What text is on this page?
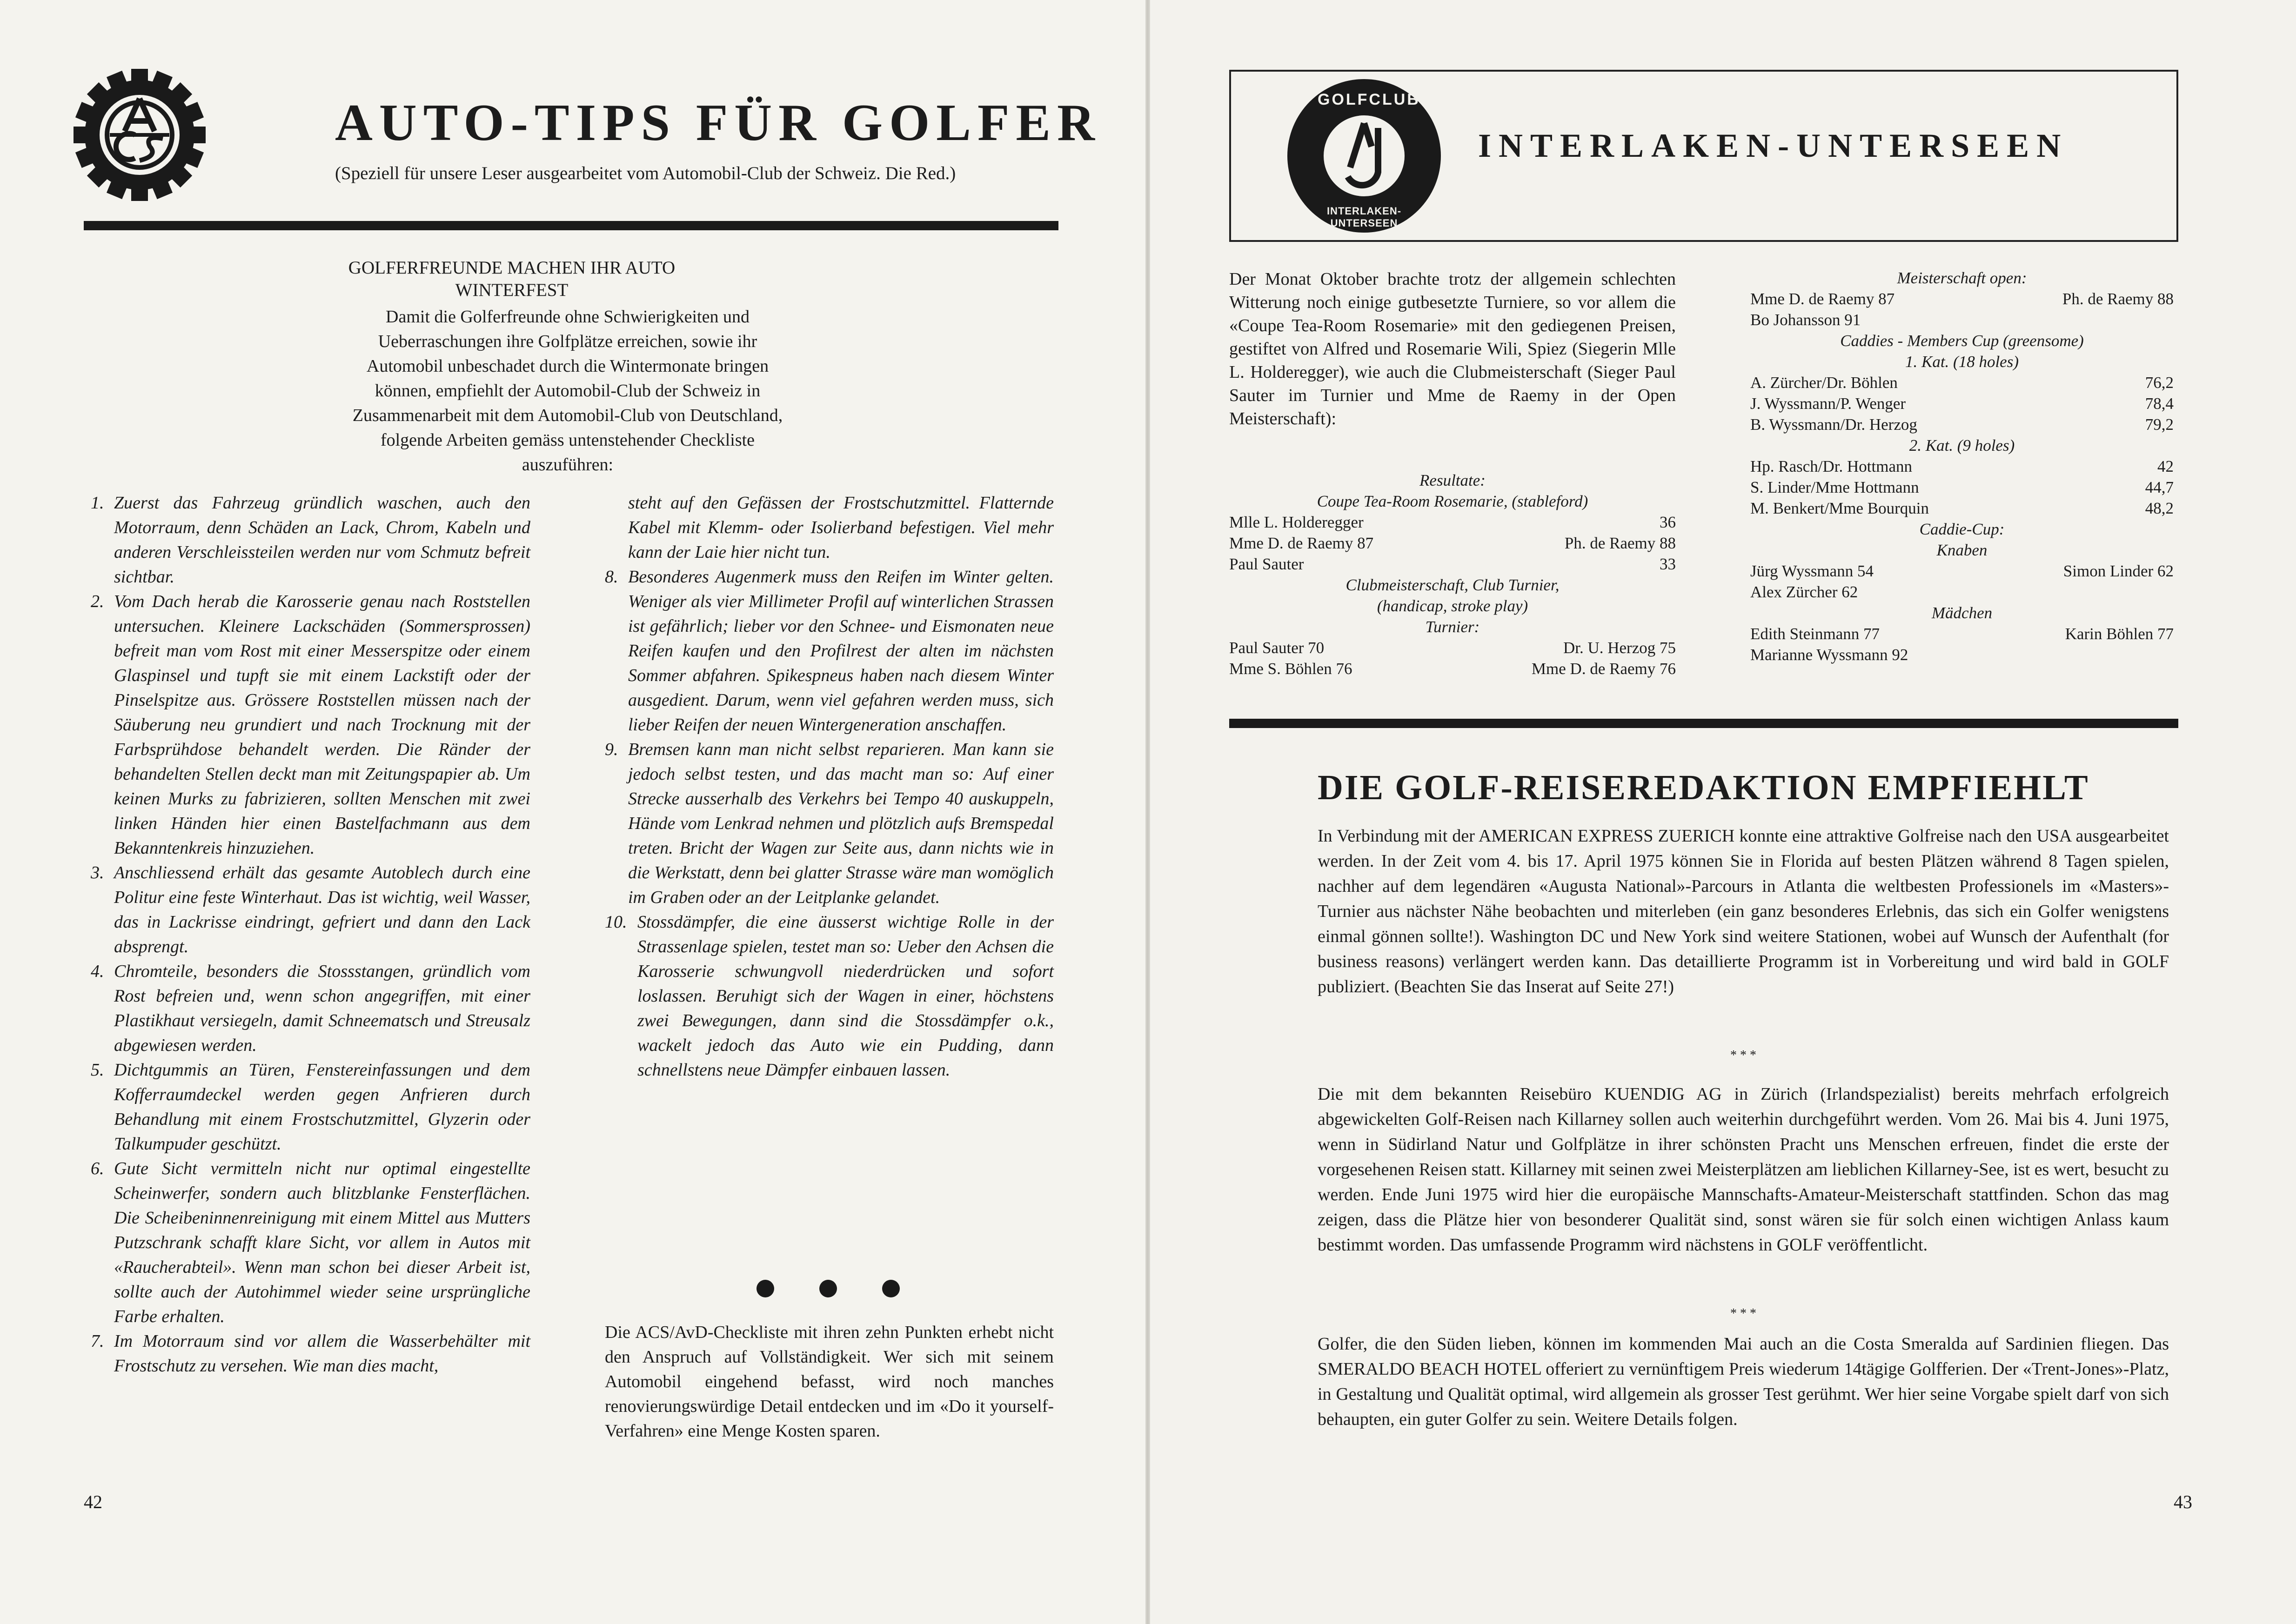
AUTO-TIPS FÜR GOLFER
(Speziell für unsere Leser ausgearbeitet vom Automobil-Club der Schweiz. Die Red.)
GOLFERFREUNDE MACHEN IHR AUTO
WINTERFEST
Damit die Golferfreunde ohne Schwierigkeiten und Ueberraschungen ihre Golfplätze erreichen, sowie ihr Automobil unbeschadet durch die Wintermonate bringen können, empfiehlt der Automobil-Club der Schweiz in Zusammenarbeit mit dem Automobil-Club von Deutschland, folgende Arbeiten gemäss untenstehender Checkliste auszuführen:
1. Zuerst das Fahrzeug gründlich waschen, auch den Motorraum, denn Schäden an Lack, Chrom, Kabeln und anderen Verschleissteilen werden nur vom Schmutz befreit sichtbar.
2. Vom Dach herab die Karosserie genau nach Roststellen untersuchen. Kleinere Lackschäden (Sommersprossen) befreit man vom Rost mit einer Messerspitze oder einem Glaspinsel und tupft sie mit einem Lackstift oder der Pinselspitze aus. Grössere Roststellen müssen nach der Säuberung neu grundiert und nach Trocknung mit der Farbsprühdose behandelt werden. Die Ränder der behandelten Stellen deckt man mit Zeitungspapier ab. Um keinen Murks zu fabrizieren, sollten Menschen mit zwei linken Händen hier einen Bastelfachmann aus dem Bekanntenkreis hinzuziehen.
3. Anschliessend erhält das gesamte Autoblech durch eine Politur eine feste Winterhaut. Das ist wichtig, weil Wasser, das in Lackrisse eindringt, gefriert und dann den Lack absprengt.
4. Chromteile, besonders die Stossstangen, gründlich vom Rost befreien und, wenn schon angegriffen, mit einer Plastikhaut versiegeln, damit Schneematsch und Streusalz abgewiesen werden.
5. Dichtgummis an Türen, Fenstereinfassungen und dem Kofferraumdeckel werden gegen Anfrieren durch Behandlung mit einem Frostschutzmittel, Glyzerin oder Talkumpuder geschützt.
6. Gute Sicht vermitteln nicht nur optimal eingestellte Scheinwerfer, sondern auch blitzblanke Fensterflächen. Die Scheibeninnenreinigung mit einem Mittel aus Mutters Putzschrank schafft klare Sicht, vor allem in Autos mit «Raucherabteil». Wenn man schon bei dieser Arbeit ist, sollte auch der Autohimmel wieder seine ursprüngliche Farbe erhalten.
7. Im Motorraum sind vor allem die Wasserbehälter mit Frostschutz zu versehen. Wie man dies macht,

steht auf den Gefässen der Frostschutzmittel. Flatternde Kabel mit Klemm- oder Isolierband befestigen. Viel mehr kann der Laie hier nicht tun.

8. Besonderes Augenmerk muss den Reifen im Winter gelten. Weniger als vier Millimeter Profil auf winterlichen Strassen ist gefährlich; lieber vor den Schnee- und Eismonaten neue Reifen kaufen und den Profilrest der alten im nächsten Sommer abfahren. Spikespneus haben nach diesem Winter ausgedient. Darum, wenn viel gefahren werden muss, sich lieber Reifen der neuen Wintergeneration anschaffen.
9. Bremsen kann man nicht selbst reparieren. Man kann sie jedoch selbst testen, und das macht man so: Auf einer Strecke ausserhalb des Verkehrs bei Tempo 40 auskuppeln, Hände vom Lenkrad nehmen und plötzlich aufs Bremspedal treten. Bricht der Wagen zur Seite aus, dann nichts wie in die Werkstatt, denn bei glatter Strasse wäre man womöglich im Graben oder an der Leitplanke gelandet.
10. Stossdämpfer, die eine äusserst wichtige Rolle in der Strassenlage spielen, testet man so: Ueber den Achsen die Karosserie schwungvoll niederdrücken und sofort loslassen. Beruhigt sich der Wagen in einer, höchstens zwei Bewegungen, dann sind die Stossdämpfer o.k., wackelt jedoch das Auto wie ein Pudding, dann schnellstens neue Dämpfer einbauen lassen.
Die ACS/AvD-Checkliste mit ihren zehn Punkten erhebt nicht den Anspruch auf Vollständigkeit. Wer sich mit seinem Automobil eingehend befasst, wird noch manches renovierungswürdige Detail entdecken und im «Do it yourself-Verfahren» eine Menge Kosten sparen.
42
GOLFCLUB
INTERLAKEN-UNTERSEEN
INTERLAKEN-UNTERSEEN
Der Monat Oktober brachte trotz der allgemein schlechten Witterung noch einige gutbesetzte Turniere, so vor allem die «Coupe Tea-Room Rosemarie» mit den gediegenen Preisen, gestiftet von Alfred und Rosemarie Wili, Spiez (Siegerin Mlle L. Holderegger), wie auch die Clubmeisterschaft (Sieger Paul Sauter im Turnier und Mme de Raemy in der Open Meisterschaft):
Resultate:
Coupe Tea-Room Rosemarie, (stableford)
Mlle L. Holderegger	36
Mme D. de Raemy 87	Ph. de Raemy 88
Paul Sauter	33
Clubmeisterschaft, Club Turnier,
(handicap, stroke play)
Turnier:
Paul Sauter 70	Dr. U. Herzog 75
Mme S. Böhlen 76	Mme D. de Raemy 76
Meisterschaft open:
Mme D. de Raemy 87	Ph. de Raemy 88
Bo Johansson 91
Caddies - Members Cup (greensome)
1. Kat. (18 holes)
A. Zürcher/Dr. Böhlen	76,2
J. Wyssmann/P. Wenger	78,4
B. Wyssmann/Dr. Herzog	79,2
2. Kat. (9 holes)
Hp. Rasch/Dr. Hottmann	42
S. Linder/Mme Hottmann	44,7
M. Benkert/Mme Bourquin	48,2
Caddie-Cup:
Knaben
Jürg Wyssmann 54	Simon Linder 62
Alex Zürcher 62
Mädchen
Edith Steinmann 77	Karin Böhlen 77
Marianne Wyssmann 92
DIE GOLF-REISEREDAKTION EMPFIEHLT
In Verbindung mit der AMERICAN EXPRESS ZUERICH konnte eine attraktive Golfreise nach den USA ausgearbeitet werden. In der Zeit vom 4. bis 17. April 1975 können Sie in Florida auf besten Plätzen während 8 Tagen spielen, nachher auf dem legendären «Augusta National»-Parcours in Atlanta die weltbesten Professionels im «Masters»-Turnier aus nächster Nähe beobachten und miterleben (ein ganz besonderes Erlebnis, das sich ein Golfer wenigstens einmal gönnen sollte!). Washington DC und New York sind weitere Stationen, wobei auf Wunsch der Aufenthalt (for business reasons) verlängert werden kann. Das detaillierte Programm ist in Vorbereitung und wird bald in GOLF publiziert. (Beachten Sie das Inserat auf Seite 27!)
* * *
Die mit dem bekannten Reisebüro KUENDIG AG in Zürich (Irlandspezialist) bereits mehrfach erfolgreich abgewickelten Golf-Reisen nach Killarney sollen auch weiterhin durchgeführt werden. Vom 26. Mai bis 4. Juni 1975, wenn in Südirland Natur und Golfplätze in ihrer schönsten Pracht uns Menschen erfreuen, findet die erste der vorgesehenen Reisen statt. Killarney mit seinen zwei Meisterplätzen am lieblichen Killarney-See, ist es wert, besucht zu werden. Ende Juni 1975 wird hier die europäische Mannschafts-Amateur-Meisterschaft stattfinden. Schon das mag zeigen, dass die Plätze hier von besonderer Qualität sind, sonst wären sie für solch einen wichtigen Anlass kaum bestimmt worden. Das umfassende Programm wird nächstens in GOLF veröffentlicht.
* * *
Golfer, die den Süden lieben, können im kommenden Mai auch an die Costa Smeralda auf Sardinien fliegen. Das SMERALDO BEACH HOTEL offeriert zu vernünftigem Preis wiederum 14tägige Golfferien. Der «Trent-Jones»-Platz, in Gestaltung und Qualität optimal, wird allgemein als grosser Test gerühmt. Wer hier seine Vorgabe spielt darf von sich behaupten, ein guter Golfer zu sein. Weitere Details folgen.
43
